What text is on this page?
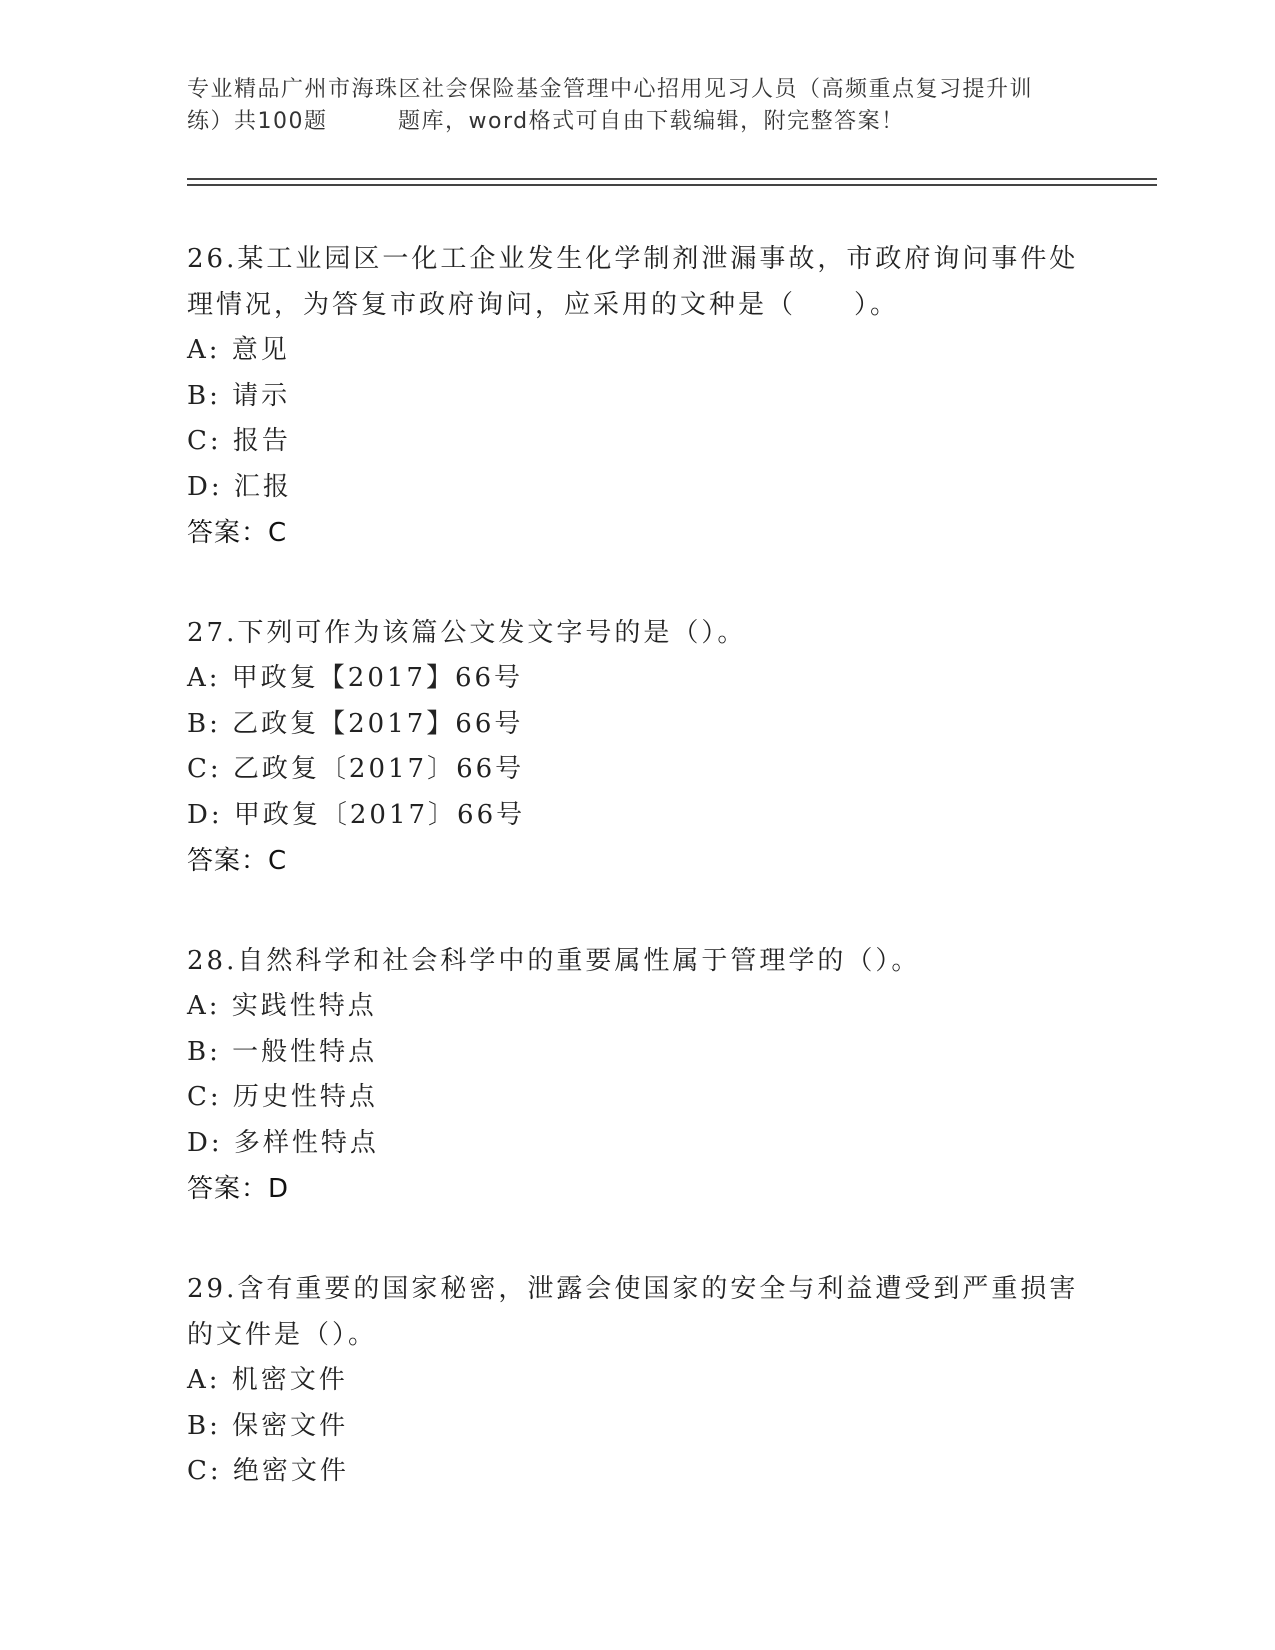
专业精品广州市海珠区社会保险基金管理中心招用见习人员（高频重点复习提升训
练）共100题　　　题库，word格式可自由下载编辑，附完整答案！
26.某工业园区一化工企业发生化学制剂泄漏事故，市政府询问事件处
理情况，为答复市政府询问，应采用的文种是（　　）。
A: 意见
B: 请示
C: 报告
D: 汇报
答案：C
27.下列可作为该篇公文发文字号的是（）。
A: 甲政复【2017】66号
B: 乙政复【2017】66号
C: 乙政复〔2017〕66号
D: 甲政复〔2017〕66号
答案：C
28.自然科学和社会科学中的重要属性属于管理学的（）。
A: 实践性特点
B: 一般性特点
C: 历史性特点
D: 多样性特点
答案：D
29.含有重要的国家秘密，泄露会使国家的安全与利益遭受到严重损害
的文件是（）。
A: 机密文件
B: 保密文件
C: 绝密文件
